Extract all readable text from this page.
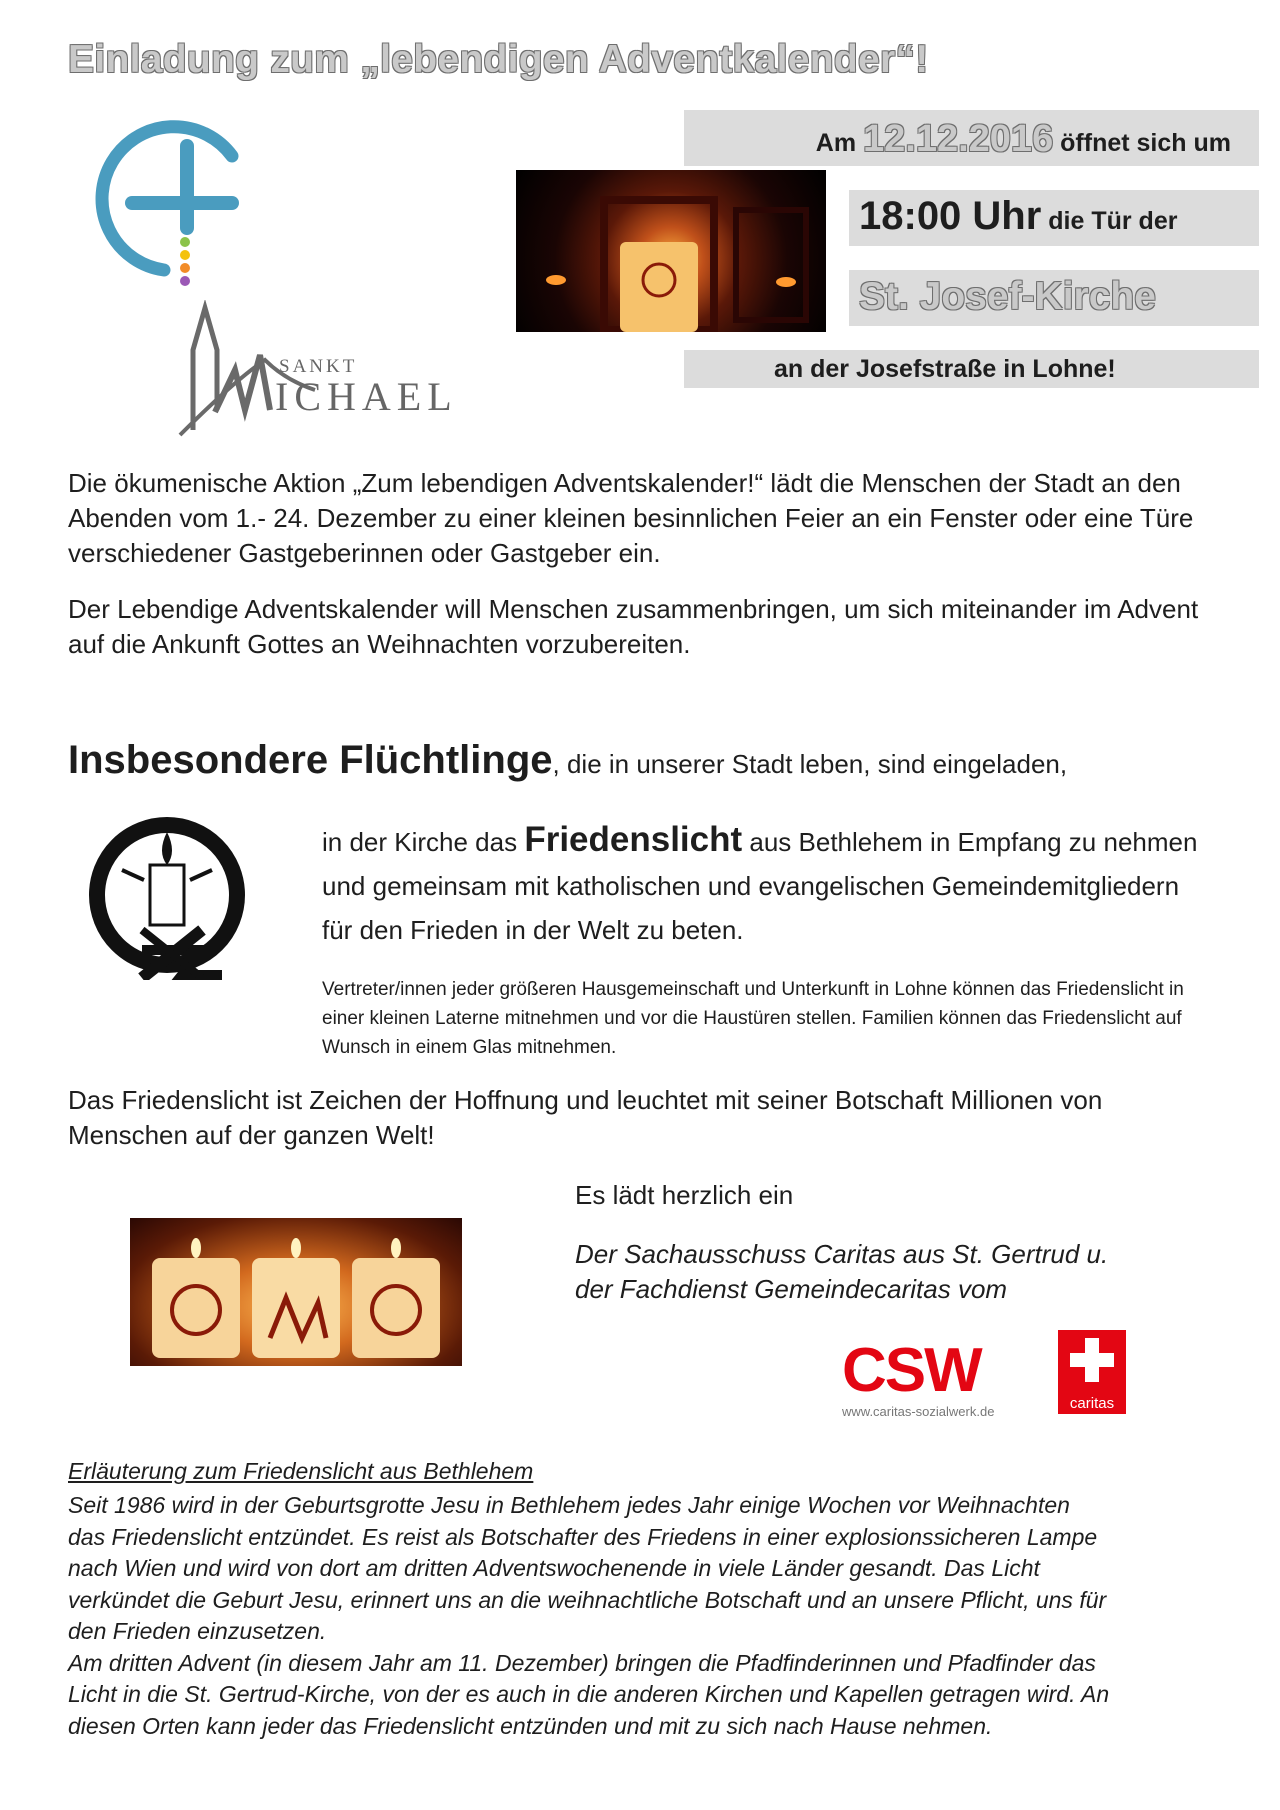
Einladung zum „lebendigen Adventkalender“!
SANKT
ICHAEL
Am 12.12.2016 öffnet sich um
18:00 Uhr die Tür der
St. Josef-Kirche
an der Josefstraße in Lohne!
Die ökumenische Aktion „Zum lebendigen Adventskalender!“ lädt die Menschen der Stadt an den Abenden vom 1.- 24. Dezember zu einer kleinen besinnlichen Feier an ein Fenster oder eine Türe verschiedener Gastgeberinnen oder Gastgeber ein.
Der Lebendige Adventskalender will Menschen zusammenbringen, um sich miteinander im Advent auf die Ankunft Gottes an Weihnachten vorzubereiten.
Insbesondere Flüchtlinge, die in unserer Stadt leben, sind eingeladen,
in der Kirche das Friedenslicht aus Bethlehem in Empfang zu nehmen und gemeinsam mit katholischen und evangelischen Gemeindemitgliedern für den Frieden in der Welt zu beten.
Vertreter/innen jeder größeren Hausgemeinschaft und Unterkunft in Lohne können das Friedenslicht in einer kleinen Laterne mitnehmen und vor die Haustüren stellen. Familien können das Friedenslicht auf Wunsch in einem Glas mitnehmen.
Das Friedenslicht ist Zeichen der Hoffnung und leuchtet mit seiner Botschaft Millionen von Menschen auf der ganzen Welt!
Es lädt herzlich ein
Der Sachausschuss Caritas aus St. Gertrud u.
der Fachdienst Gemeindecaritas vom
CSW
www.caritas-sozialwerk.de	caritas
Erläuterung zum Friedenslicht aus Bethlehem
Seit 1986 wird in der Geburtsgrotte Jesu in Bethlehem jedes Jahr einige Wochen vor Weihnachten
das Friedenslicht entzündet. Es reist als Botschafter des Friedens in einer explosionssicheren Lampe
nach Wien und wird von dort am dritten Adventswochenende in viele Länder gesandt. Das Licht
verkündet die Geburt Jesu, erinnert uns an die weihnachtliche Botschaft und an unsere Pflicht, uns für
den Frieden einzusetzen.
Am dritten Advent (in diesem Jahr am 11. Dezember) bringen die Pfadfinderinnen und Pfadfinder das
Licht in die St. Gertrud-Kirche, von der es auch in die anderen Kirchen und Kapellen getragen wird. An
diesen Orten kann jeder das Friedenslicht entzünden und mit zu sich nach Hause nehmen.
